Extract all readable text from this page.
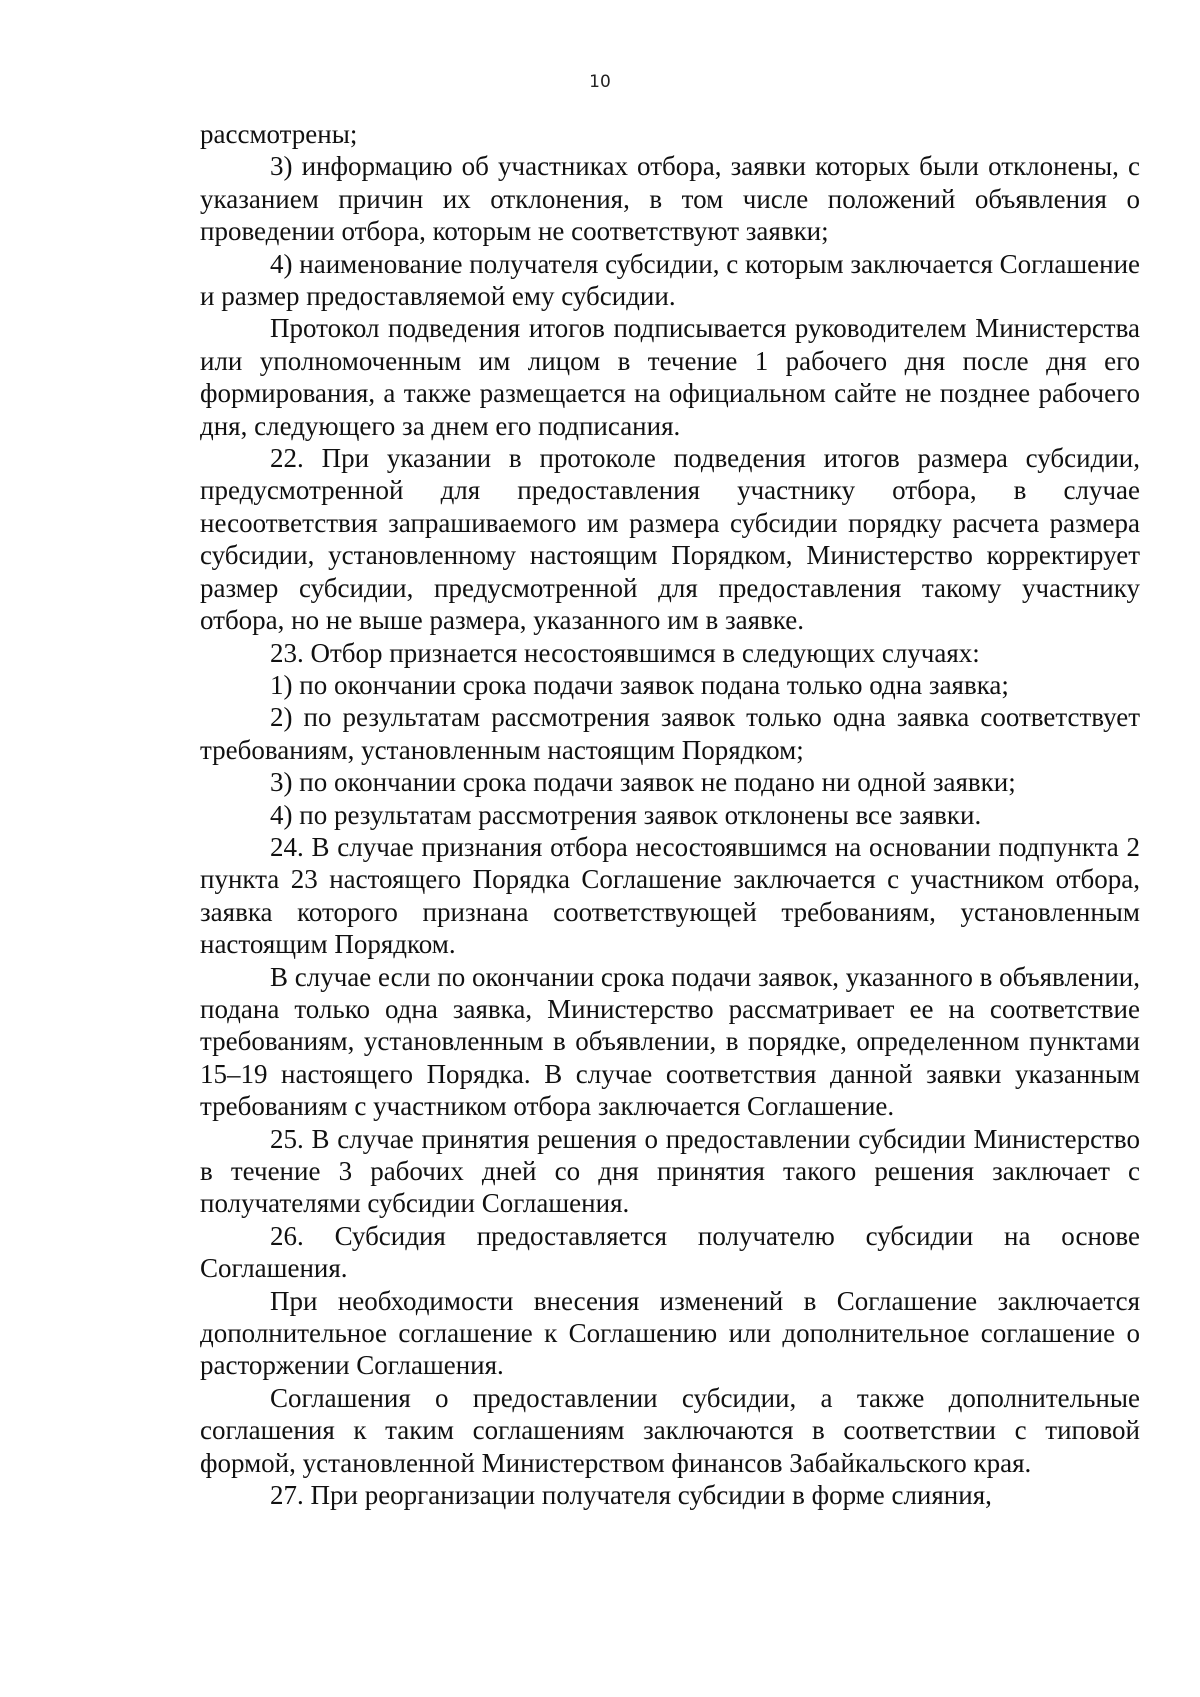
10

рассмотрены;

3) информацию об участниках отбора, заявки которых были отклонены, с указанием причин их отклонения, в том числе положений объявления о проведении отбора, которым не соответствуют заявки;

4) наименование получателя субсидии, с которым заключается Соглашение и размер предоставляемой ему субсидии.

Протокол подведения итогов подписывается руководителем Министерства или уполномоченным им лицом в течение 1 рабочего дня после дня его формирования, а также размещается на официальном сайте не позднее рабочего дня, следующего за днем его подписания.

22. При указании в протоколе подведения итогов размера субсидии, предусмотренной для предоставления участнику отбора, в случае несоответствия запрашиваемого им размера субсидии порядку расчета размера субсидии, установленному настоящим Порядком, Министерство корректирует размер субсидии, предусмотренной для предоставления такому участнику отбора, но не выше размера, указанного им в заявке.

23. Отбор признается несостоявшимся в следующих случаях:

1) по окончании срока подачи заявок подана только одна заявка;

2) по результатам рассмотрения заявок только одна заявка соответствует требованиям, установленным настоящим Порядком;

3) по окончании срока подачи заявок не подано ни одной заявки;

4) по результатам рассмотрения заявок отклонены все заявки.

24. В случае признания отбора несостоявшимся на основании подпункта 2 пункта 23 настоящего Порядка Соглашение заключается с участником отбора, заявка которого признана соответствующей требованиям, установленным настоящим Порядком.

В случае если по окончании срока подачи заявок, указанного в объявлении, подана только одна заявка, Министерство рассматривает ее на соответствие требованиям, установленным в объявлении, в порядке, определенном пунктами 15–19 настоящего Порядка. В случае соответствия данной заявки указанным требованиям с участником отбора заключается Соглашение.

25. В случае принятия решения о предоставлении субсидии Министерство в течение 3 рабочих дней со дня принятия такого решения заключает с получателями субсидии Соглашения.

26. Субсидия предоставляется получателю субсидии на основе Соглашения.

При необходимости внесения изменений в Соглашение заключается дополнительное соглашение к Соглашению или дополнительное соглашение о расторжении Соглашения.

Соглашения о предоставлении субсидии, а также дополнительные соглашения к таким соглашениям заключаются в соответствии с типовой формой, установленной Министерством финансов Забайкальского края.

27. При реорганизации получателя субсидии в форме слияния,
